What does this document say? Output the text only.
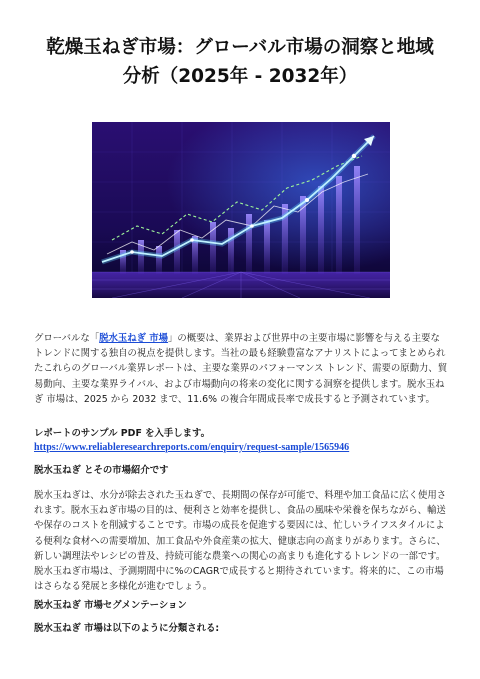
乾燥玉ねぎ市場：グローバル市場の洞察と地域
分析（2025年 - 2032年）
グローバルな「脱水玉ねぎ 市場」の概要は、業界および世界中の主要市場に影響を与える主要なトレンドに関する独自の視点を提供します。当社の最も経験豊富なアナリストによってまとめられたこれらのグローバル業界レポートは、主要な業界のパフォーマンス トレンド、需要の原動力、貿易動向、主要な業界ライバル、および市場動向の将来の変化に関する洞察を提供します。脱水玉ねぎ 市場は、2025 から 2032 まで、11.6% の複合年間成長率で成長すると予測されています。
レポートのサンプル PDF を入手します。
https://www.reliableresearchreports.com/enquiry/request-sample/1565946
脱水玉ねぎ とその市場紹介です
脱水玉ねぎは、水分が除去された玉ねぎで、長期間の保存が可能で、料理や加工食品に広く使用されます。脱水玉ねぎ市場の目的は、便利さと効率を提供し、食品の風味や栄養を保ちながら、輸送や保存のコストを削減することです。市場の成長を促進する要因には、忙しいライフスタイルによる便利な食材への需要増加、加工食品や外食産業の拡大、健康志向の高まりがあります。さらに、新しい調理法やレシピの普及、持続可能な農業への関心の高まりも進化するトレンドの一部です。脱水玉ねぎ市場は、予測期間中に%のCAGRで成長すると期待されています。将来的に、この市場はさらなる発展と多様化が進むでしょう。
脱水玉ねぎ 市場セグメンテーション
脱水玉ねぎ 市場は以下のように分類される:
